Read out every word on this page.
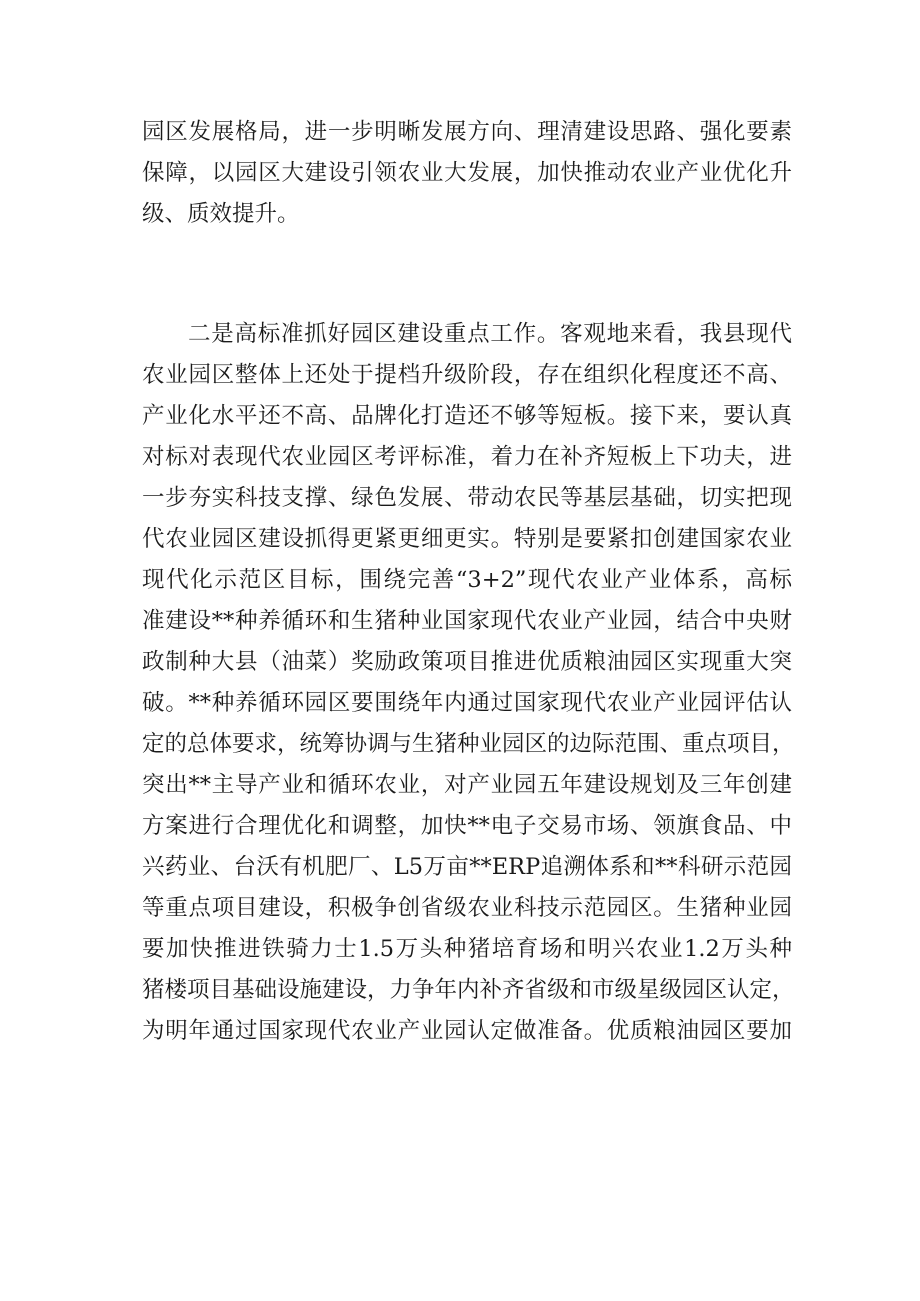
园区发展格局，进一步明晰发展方向、理清建设思路、强化要素
保障，以园区大建设引领农业大发展，加快推动农业产业优化升
级、质效提升。
二是高标准抓好园区建设重点工作。客观地来看，我县现代
农业园区整体上还处于提档升级阶段，存在组织化程度还不高、
产业化水平还不高、品牌化打造还不够等短板。接下来，要认真
对标对表现代农业园区考评标准，着力在补齐短板上下功夫，进
一步夯实科技支撑、绿色发展、带动农民等基层基础，切实把现
代农业园区建设抓得更紧更细更实。特别是要紧扣创建国家农业
现代化示范区目标，围绕完善“3+2”现代农业产业体系，高标
准建设**种养循环和生猪种业国家现代农业产业园，结合中央财
政制种大县（油菜）奖励政策项目推进优质粮油园区实现重大突
破。**种养循环园区要围绕年内通过国家现代农业产业园评估认
定的总体要求，统筹协调与生猪种业园区的边际范围、重点项目，
突出**主导产业和循环农业，对产业园五年建设规划及三年创建
方案进行合理优化和调整，加快**电子交易市场、领旗食品、中
兴药业、台沃有机肥厂、L5万亩**ERP追溯体系和**科研示范园
等重点项目建设，积极争创省级农业科技示范园区。生猪种业园
要加快推进铁骑力士1.5万头种猪培育场和明兴农业1.2万头种
猪楼项目基础设施建设，力争年内补齐省级和市级星级园区认定，
为明年通过国家现代农业产业园认定做准备。优质粮油园区要加
